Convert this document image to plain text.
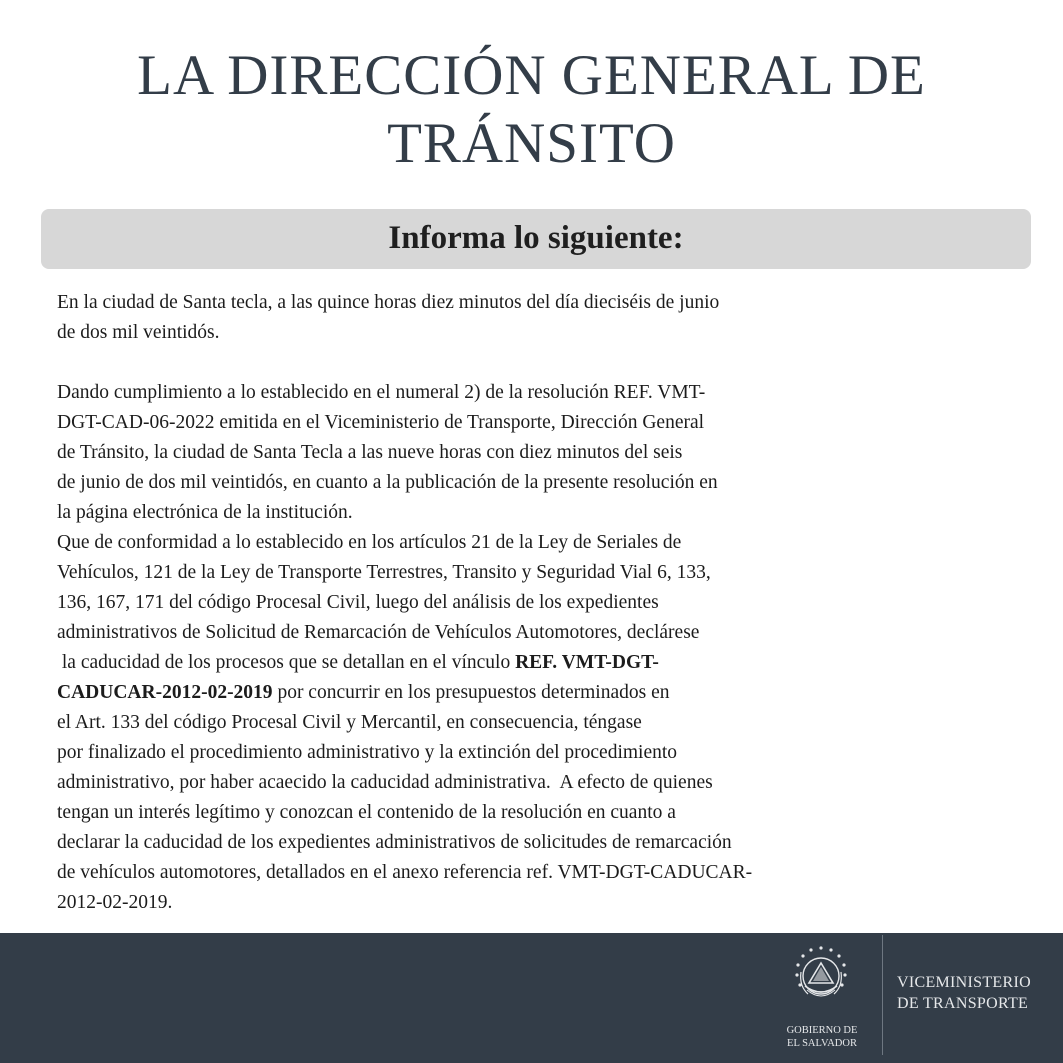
LA DIRECCIÓN GENERAL DE
TRÁNSITO
Informa lo siguiente:
En la ciudad de Santa tecla, a las quince horas diez minutos del día dieciséis de junio
de dos mil veintidós.
Dando cumplimiento a lo establecido en el numeral 2) de la resolución REF. VMT-
DGT-CAD-06-2022 emitida en el Viceministerio de Transporte, Dirección General
de Tránsito, la ciudad de Santa Tecla a las nueve horas con diez minutos del seis
de junio de dos mil veintidós, en cuanto a la publicación de la presente resolución en
la página electrónica de la institución.
Que de conformidad a lo establecido en los artículos 21 de la Ley de Seriales de
Vehículos, 121 de la Ley de Transporte Terrestres, Transito y Seguridad Vial 6, 133,
136, 167, 171 del código Procesal Civil, luego del análisis de los expedientes
administrativos de Solicitud de Remarcación de Vehículos Automotores, declárese
la caducidad de los procesos que se detallan en el vínculo REF. VMT-DGT-
CADUCAR-2012-02-2019 por concurrir en los presupuestos determinados en
el Art. 133 del código Procesal Civil y Mercantil, en consecuencia, téngase
por finalizado el procedimiento administrativo y la extinción del procedimiento
administrativo, por haber acaecido la caducidad administrativa.  A efecto de quienes
tengan un interés legítimo y conozcan el contenido de la resolución en cuanto a
declarar la caducidad de los expedientes administrativos de solicitudes de remarcación
de vehículos automotores, detallados en el anexo referencia ref. VMT-DGT-CADUCAR-
2012-02-2019.
GOBIERNO DE
EL SALVADOR
VICEMINISTERIO
DE TRANSPORTE
